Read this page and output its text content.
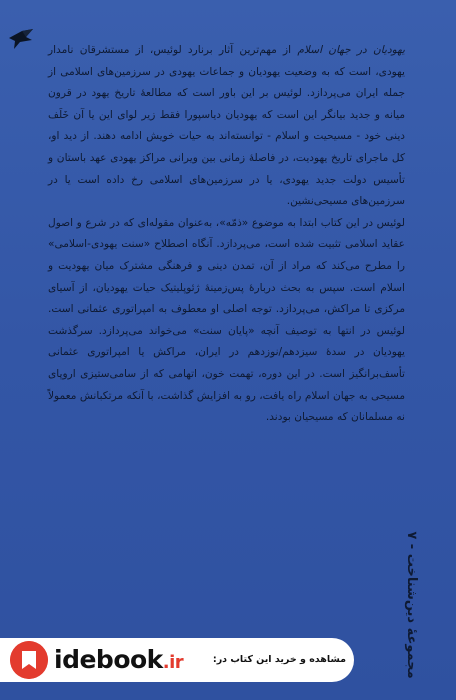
یهودیان در جهان اسلام از مهم‌ترین آثار برنارد لوئیس، از مستشرقان نامدار یهودی، است که به وضعیت یهودیان و جماعات یهودی در سرزمین‌های اسلامی از جمله ایران می‌پردازد. لوئیس بر این باور است که مطالعهٔ تاریخ یهود در قرون میانه و جدید بیانگر این است که یهودیان دیاسپورا فقط زیر لوای این یا آن خَلَف دینی خود - مسیحیت و اسلام - توانسته‌اند به حیات خویش ادامه دهند. از دید او، کل ماجرای تاریخ یهودیت، در فاصلهٔ زمانی بین ویرانی مراکز یهودی عهد باستان و تأسیس دولت جدید یهودی، یا در سرزمین‌های اسلامی رخ داده است یا در سرزمین‌های مسیحی‌نشین.

لوئیس در این کتاب ابتدا به موضوع «ذمّه»، به‌عنوان مقوله‌ای که در شرع و اصول عقاید اسلامی تثبیت شده است، می‌پردازد. آنگاه اصطلاح «سنت یهودی-اسلامی» را مطرح می‌کند که مراد از آن، تمدن دینی و فرهنگی مشترک میان یهودیت و اسلام است. سپس به بحث دربارهٔ پس‌زمینهٔ ژئوپلیتیک حیات یهودیان، از آسیای مرکزی تا مراکش، می‌پردازد. توجه اصلی او معطوف به امپراتوری عثمانی است. لوئیس در انتها به توصیف آنچه «پایان سنت» می‌خواند می‌پردازد. سرگذشت یهودیان در سدهٔ سیزدهم/نوزدهم در ایران، مراکش یا امپراتوری عثمانی تأسف‌برانگیز است. در این دوره، تهمت خون، اتهامی که از سامی‌ستیزی اروپای مسیحی به جهان اسلام راه یافت، رو به افزایش گذاشت، با آنکه مرتکبانش معمولاً نه مسلمانان که مسیحیان بودند.

مجموعهٔ دین‌شناخت - ۷
idebook.ir	مشاهده و خرید این کتاب در:
